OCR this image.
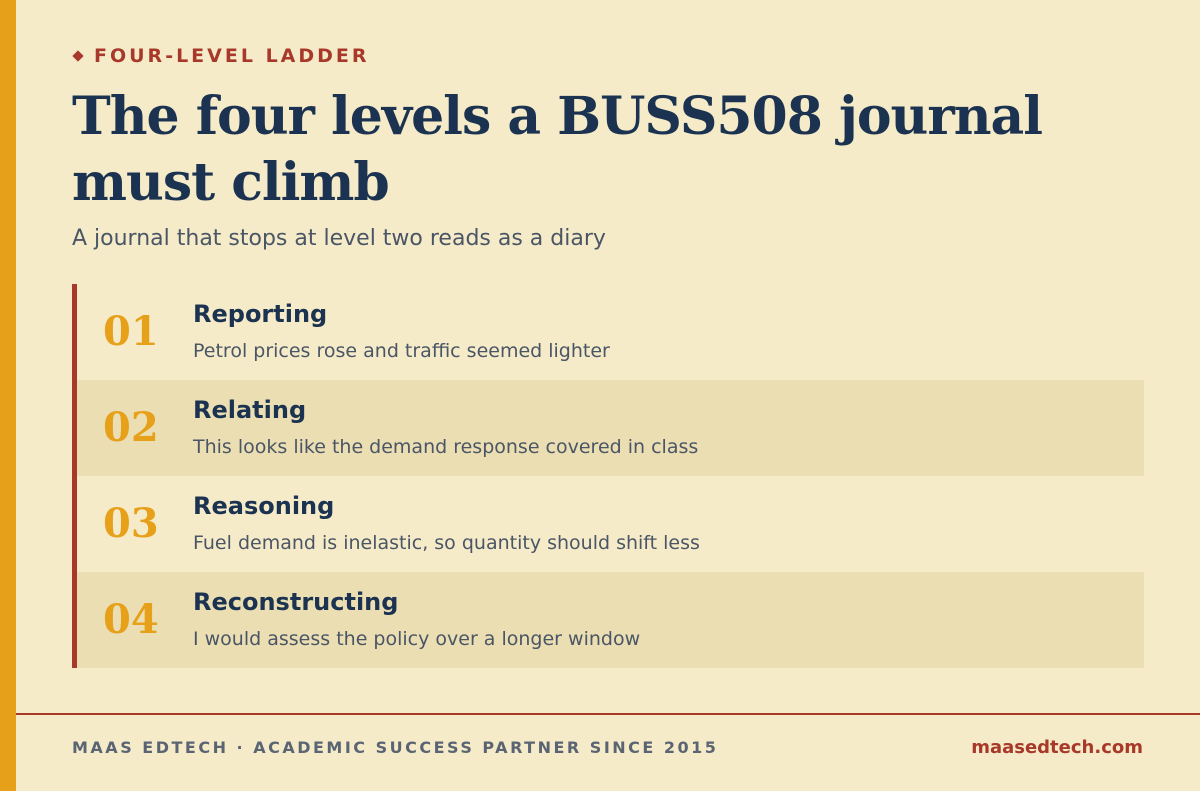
FOUR-LEVEL LADDER
The four levels a BUSS508 journal must climb
A journal that stops at level two reads as a diary
01 Reporting
Petrol prices rose and traffic seemed lighter
02 Relating
This looks like the demand response covered in class
03 Reasoning
Fuel demand is inelastic, so quantity should shift less
04 Reconstructing
I would assess the policy over a longer window
MAAS EDTECH · ACADEMIC SUCCESS PARTNER SINCE 2015	maasedtech.com
